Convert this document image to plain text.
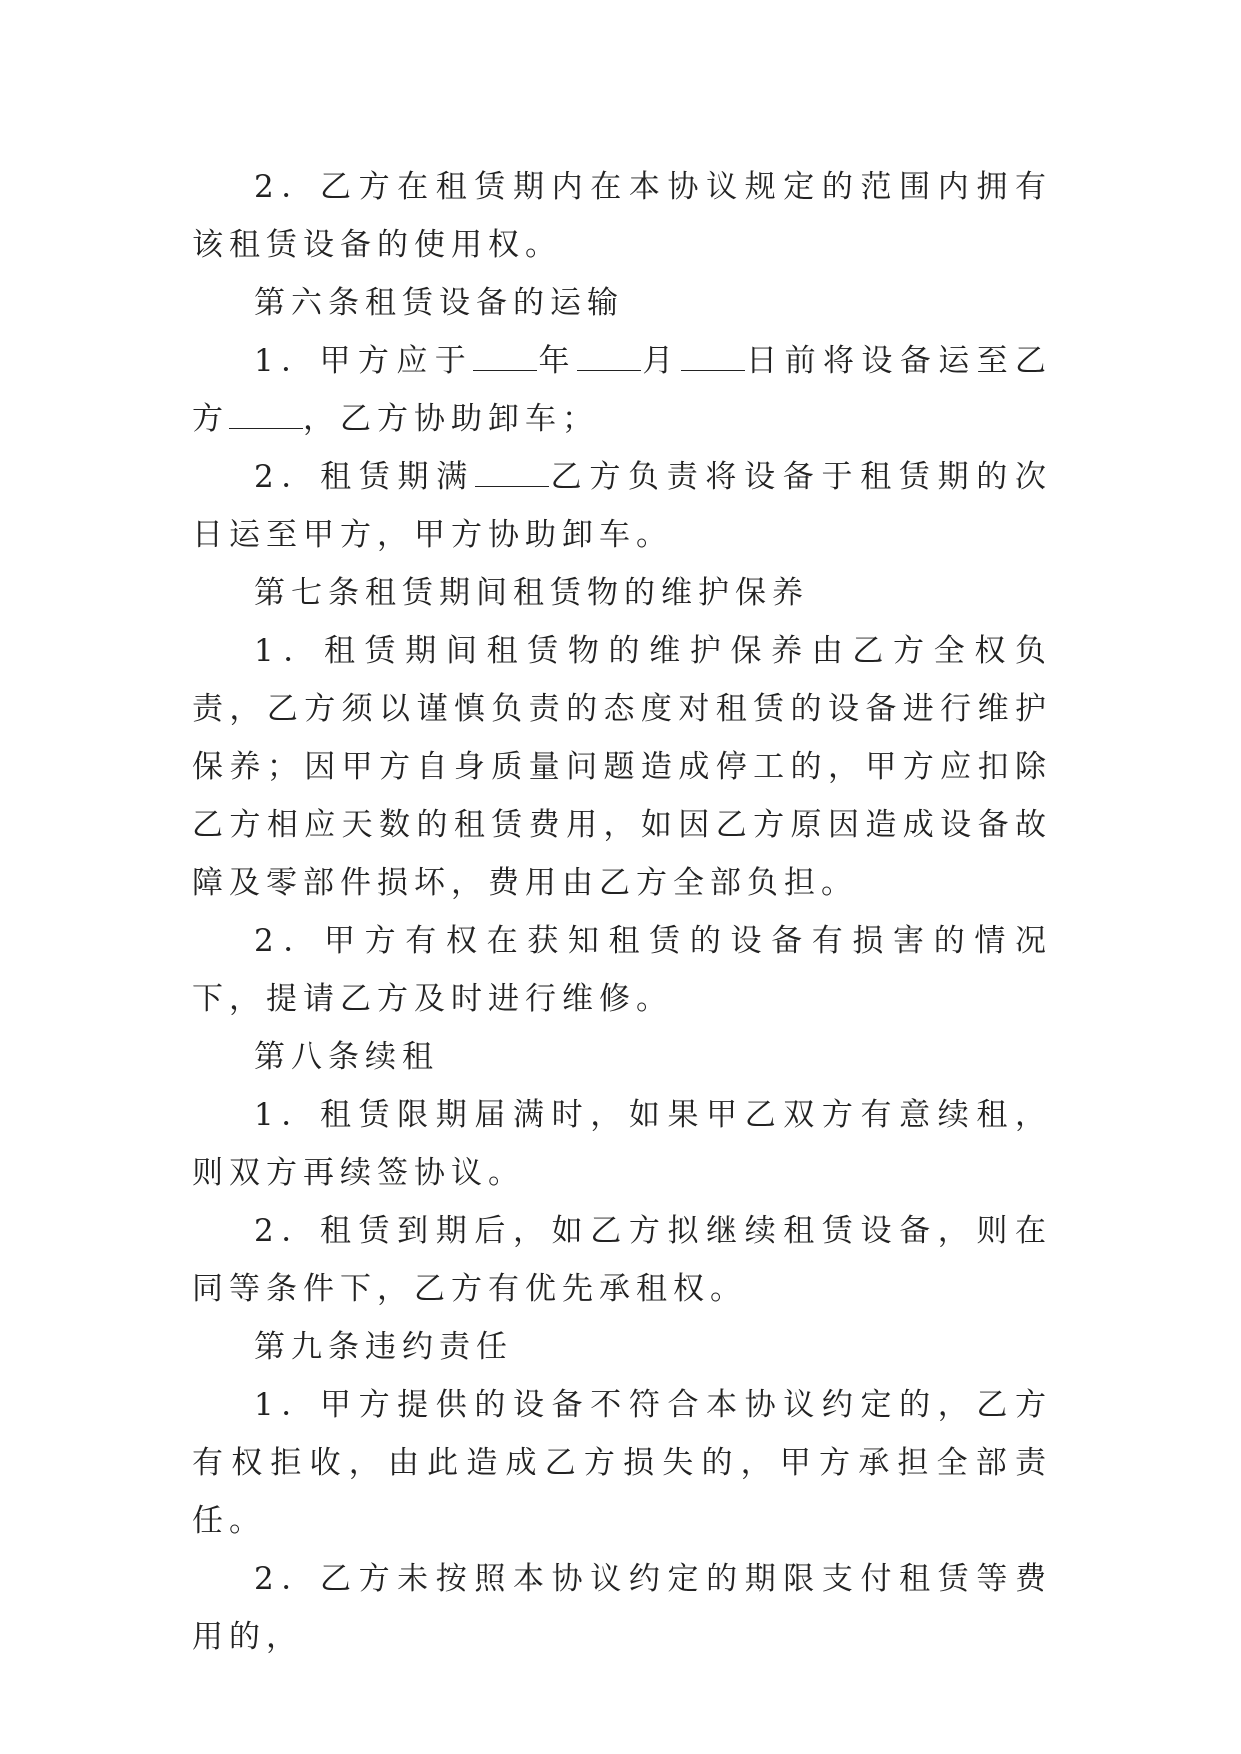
2．乙方在租赁期内在本协议规定的范围内拥有该租赁设备的使用权。

第六条租赁设备的运输

1．甲方应于 年 月 日前将设备运至乙方 ，乙方协助卸车；

2．租赁期满 乙方负责将设备于租赁期的次日运至甲方，甲方协助卸车。

第七条租赁期间租赁物的维护保养

1．租赁期间租赁物的维护保养由乙方全权负责，乙方须以谨慎负责的态度对租赁的设备进行维护保养；因甲方自身质量问题造成停工的，甲方应扣除乙方相应天数的租赁费用，如因乙方原因造成设备故障及零部件损坏，费用由乙方全部负担。

2．甲方有权在获知租赁的设备有损害的情况下，提请乙方及时进行维修。

第八条续租

1．租赁限期届满时，如果甲乙双方有意续租，则双方再续签协议。

2．租赁到期后，如乙方拟继续租赁设备，则在同等条件下，乙方有优先承租权。

第九条违约责任

1．甲方提供的设备不符合本协议约定的，乙方有权拒收，由此造成乙方损失的，甲方承担全部责任。

2．乙方未按照本协议约定的期限支付租赁等费用的，
